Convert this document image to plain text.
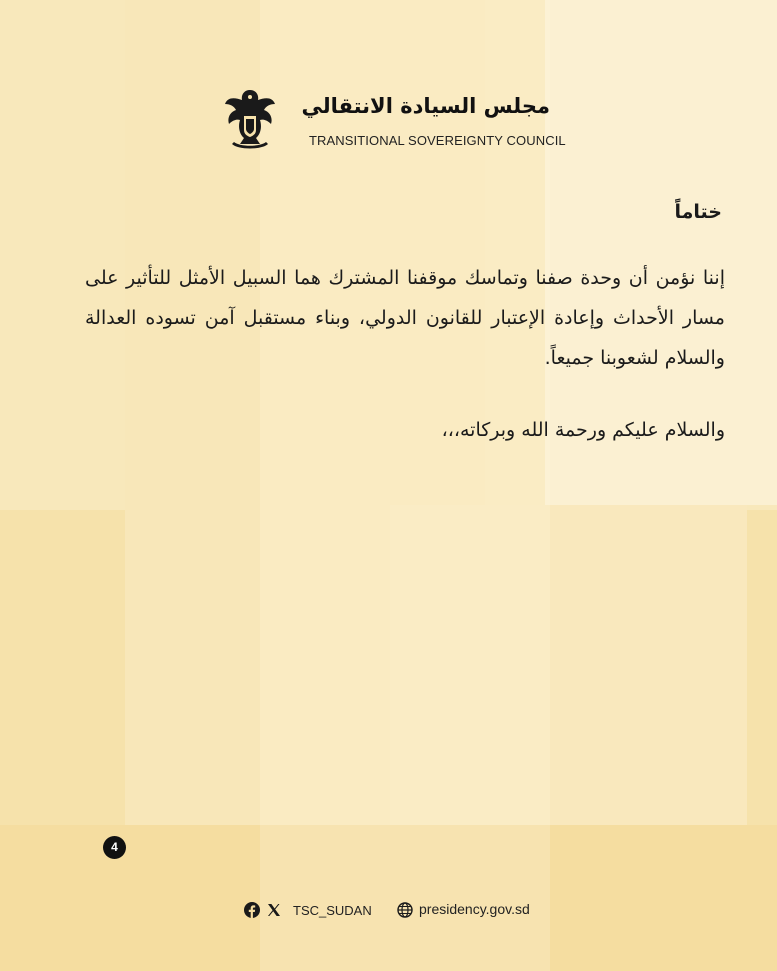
مجلس السيادة الانتقالي
TRANSITIONAL SOVEREIGNTY COUNCIL
ختاماً
إننا نؤمن أن وحدة صفنا وتماسك موقفنا المشترك هما السبيل الأمثل للتأثير على مسار الأحداث وإعادة الإعتبار للقانون الدولي، وبناء مستقبل آمن تسوده العدالة والسلام لشعوبنا جميعاً.
والسلام عليكم ورحمة الله وبركاته،،،
4
TSC_SUDAN	presidency.gov.sd
